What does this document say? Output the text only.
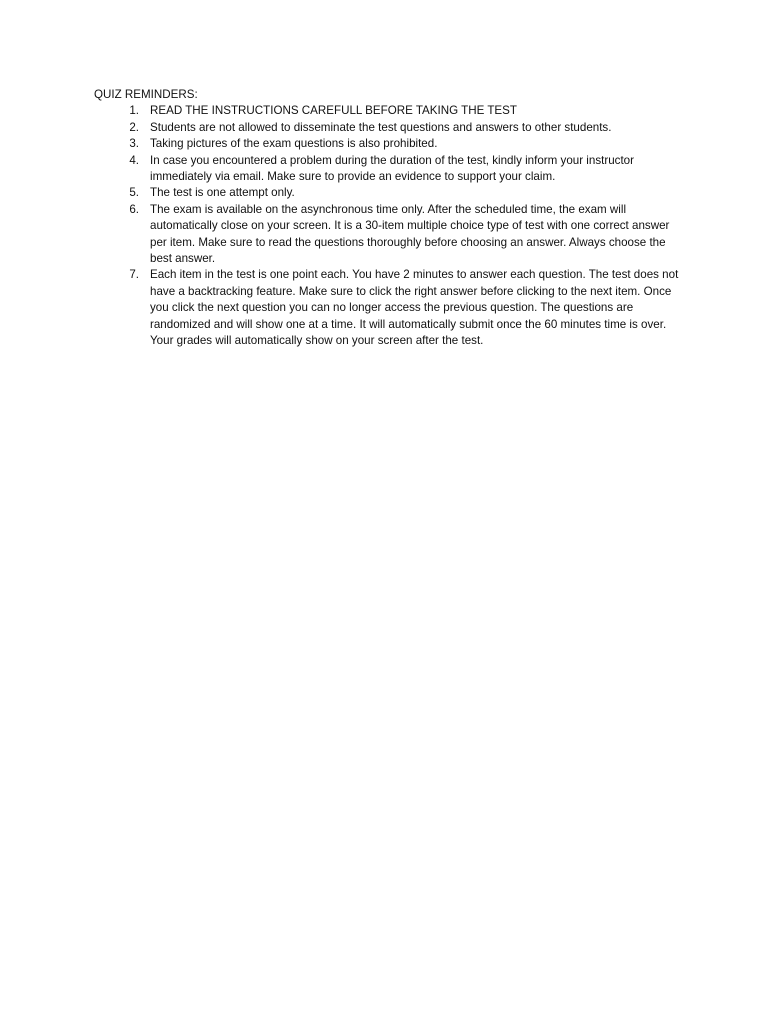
QUIZ REMINDERS:

1. READ THE INSTRUCTIONS CAREFULL BEFORE TAKING THE TEST
2. Students are not allowed to disseminate the test questions and answers to other students.
3. Taking pictures of the exam questions is also prohibited.
4. In case you encountered a problem during the duration of the test, kindly inform your instructor immediately via email. Make sure to provide an evidence to support your claim.
5. The test is one attempt only.
6. The exam is available on the asynchronous time only. After the scheduled time, the exam will automatically close on your screen. It is a 30-item multiple choice type of test with one correct answer per item. Make sure to read the questions thoroughly before choosing an answer. Always choose the best answer.
7. Each item in the test is one point each. You have 2 minutes to answer each question. The test does not have a backtracking feature. Make sure to click the right answer before clicking to the next item. Once you click the next question you can no longer access the previous question. The questions are randomized and will show one at a time. It will automatically submit once the 60 minutes time is over. Your grades will automatically show on your screen after the test.
